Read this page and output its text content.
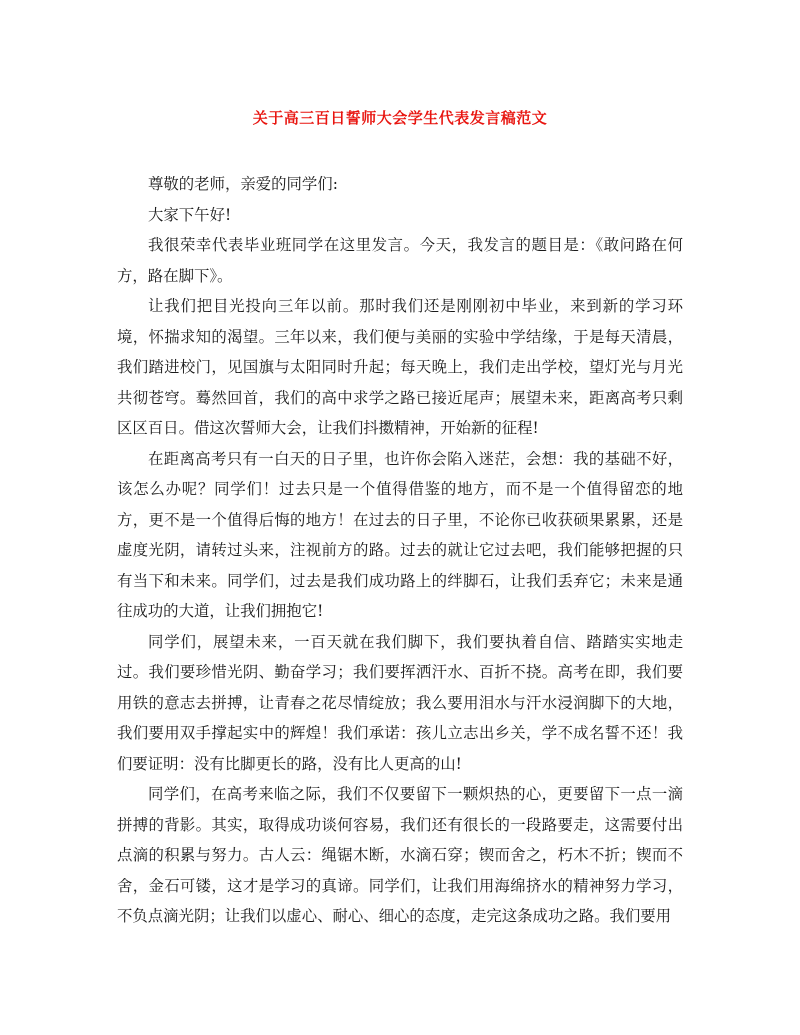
关于高三百日誓师大会学生代表发言稿范文

尊敬的老师，亲爱的同学们:

大家下午好!

我很荣幸代表毕业班同学在这里发言。今天，我发言的题目是：《敢问路在何方，路在脚下》。

让我们把目光投向三年以前。那时我们还是刚刚初中毕业，来到新的学习环境，怀揣求知的渴望。三年以来，我们便与美丽的实验中学结缘，于是每天清晨，我们踏进校门，见国旗与太阳同时升起；每天晚上，我们走出学校，望灯光与月光共彻苍穹。蓦然回首，我们的高中求学之路已接近尾声；展望未来，距离高考只剩区区百日。借这次誓师大会，让我们抖擞精神，开始新的征程!

在距离高考只有一白天的日子里，也许你会陷入迷茫，会想：我的基础不好，该怎么办呢？同学们！过去只是一个值得借鉴的地方，而不是一个值得留恋的地方，更不是一个值得后悔的地方！在过去的日子里，不论你已收获硕果累累，还是虚度光阴，请转过头来，注视前方的路。过去的就让它过去吧，我们能够把握的只有当下和未来。同学们，过去是我们成功路上的绊脚石，让我们丢弃它；未来是通往成功的大道，让我们拥抱它!

同学们，展望未来，一百天就在我们脚下，我们要执着自信、踏踏实实地走过。我们要珍惜光阴、勤奋学习；我们要挥洒汗水、百折不挠。高考在即，我们要用铁的意志去拼搏，让青春之花尽情绽放；我么要用泪水与汗水浸润脚下的大地，我们要用双手撑起实中的辉煌！我们承诺：孩儿立志出乡关，学不成名誓不还！我们要证明：没有比脚更长的路，没有比人更高的山!

同学们，在高考来临之际，我们不仅要留下一颗炽热的心，更要留下一点一滴拼搏的背影。其实，取得成功谈何容易，我们还有很长的一段路要走，这需要付出点滴的积累与努力。古人云：绳锯木断，水滴石穿；锲而舍之，朽木不折；锲而不舍，金石可镂，这才是学习的真谛。同学们，让我们用海绵挤水的精神努力学习，不负点滴光阴；让我们以虚心、耐心、细心的态度，走完这条成功之路。我们要用
